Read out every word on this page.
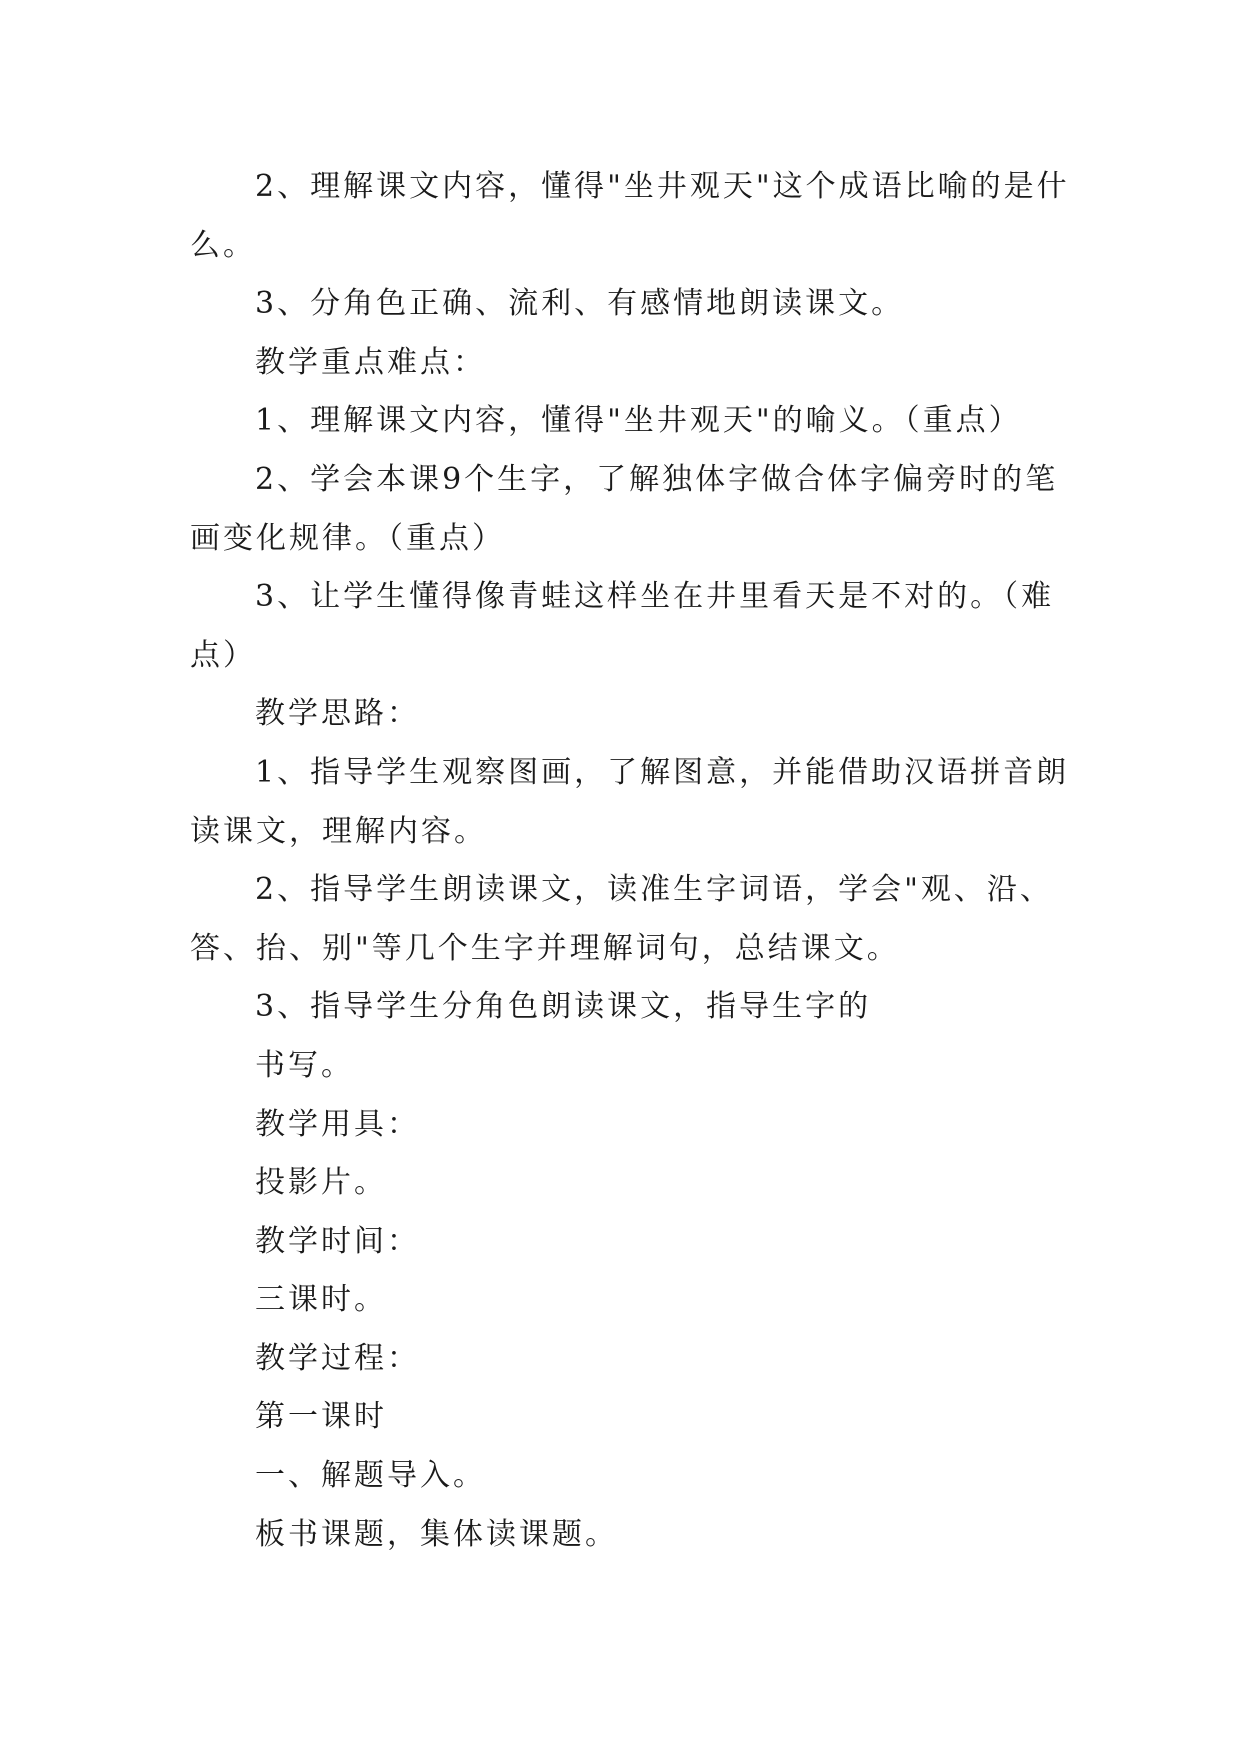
2、理解课文内容，懂得"坐井观天"这个成语比喻的是什么。

3、分角色正确、流利、有感情地朗读课文。

教学重点难点：

1、理解课文内容，懂得"坐井观天"的喻义。（重点）

2、学会本课9个生字，了解独体字做合体字偏旁时的笔画变化规律。（重点）

3、让学生懂得像青蛙这样坐在井里看天是不对的。（难点）

教学思路：

1、指导学生观察图画，了解图意，并能借助汉语拼音朗读课文，理解内容。

2、指导学生朗读课文，读准生字词语，学会"观、沿、答、抬、别"等几个生字并理解词句，总结课文。

3、指导学生分角色朗读课文，指导生字的

书写。

教学用具：

投影片。

教学时间：

三课时。

教学过程：

第一课时

一、解题导入。

板书课题，集体读课题。
